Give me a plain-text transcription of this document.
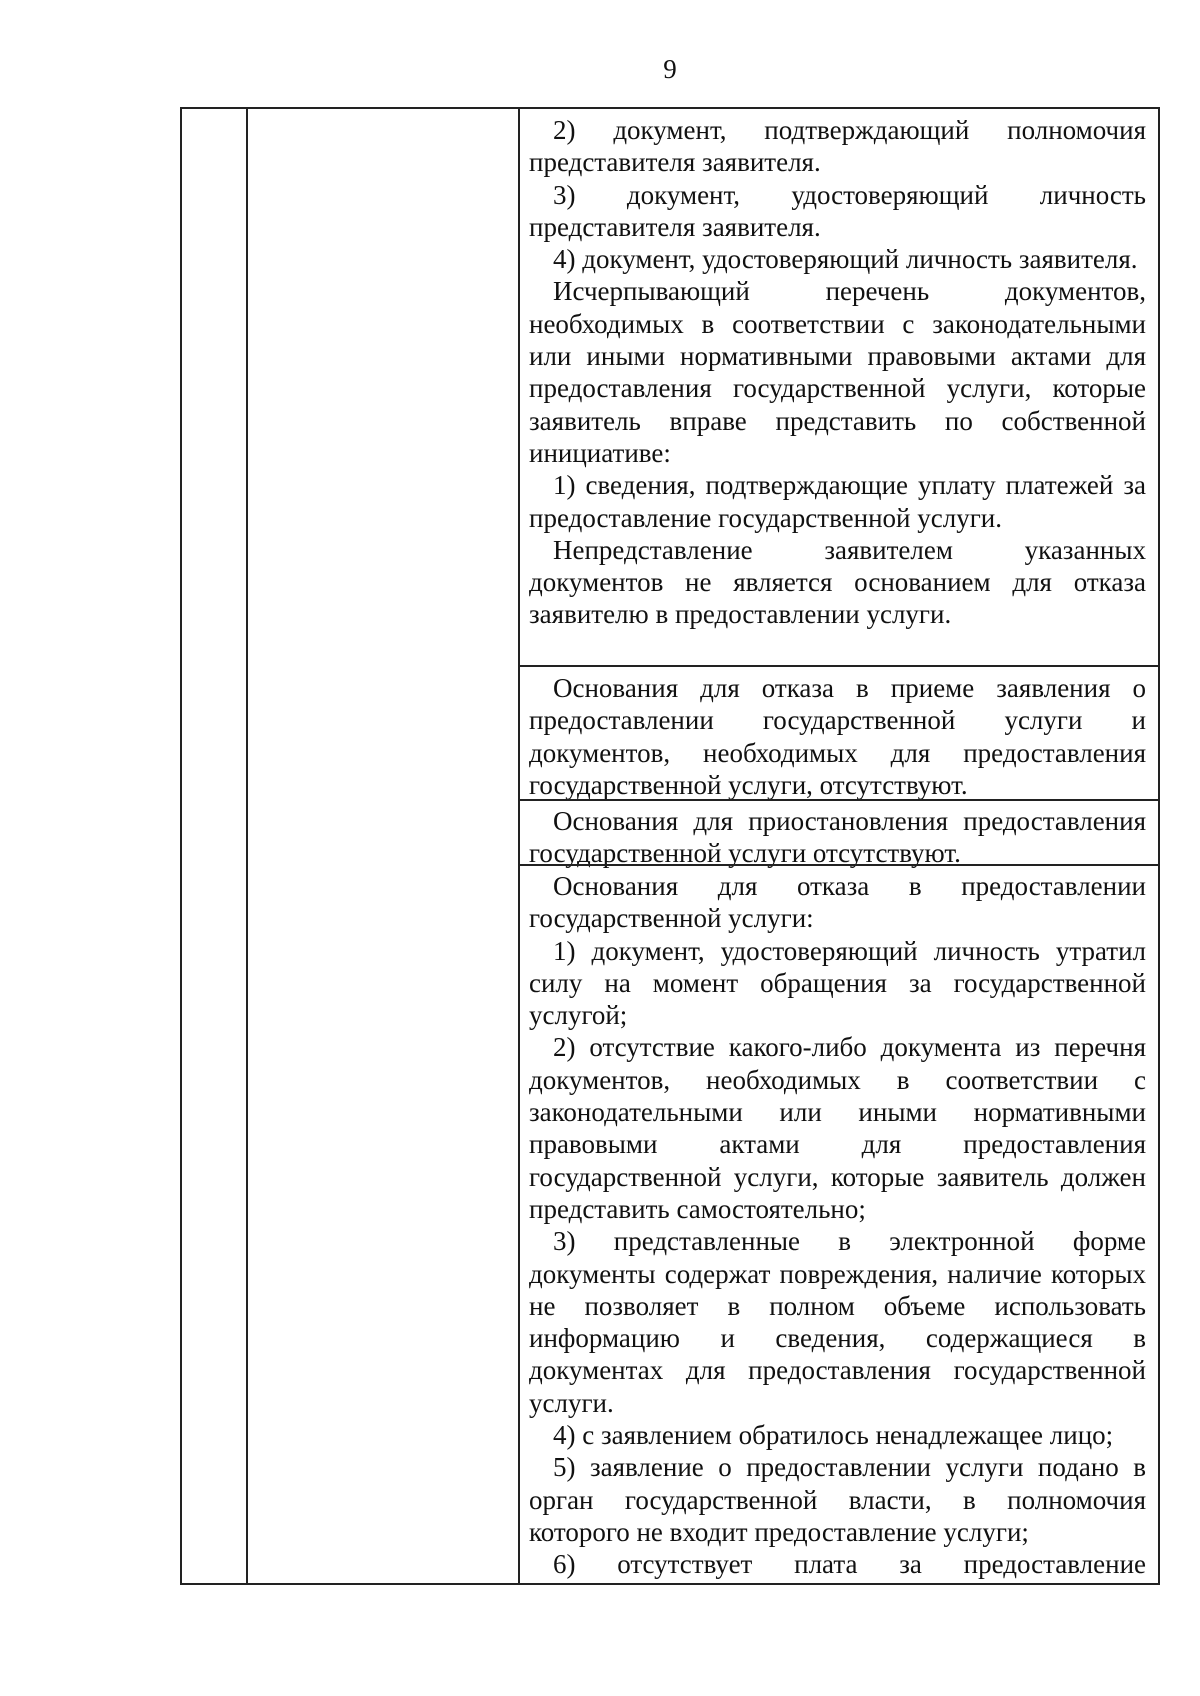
9

2) документ, подтверждающий полномочия представителя заявителя.

3) документ, удостоверяющий личность представителя заявителя.

4) документ, удостоверяющий личность заявителя.

Исчерпывающий перечень документов, необходимых в соответствии с законодательными или иными нормативными правовыми актами для предоставления государственной услуги, которые заявитель вправе представить по собственной инициативе:

1) сведения, подтверждающие уплату платежей за предоставление государственной услуги.

Непредставление заявителем указанных документов не является основанием для отказа заявителю в предоставлении услуги.

Основания для отказа в приеме заявления о предоставлении государственной услуги и документов, необходимых для предоставления государственной услуги, отсутствуют.

Основания для приостановления предоставления государственной услуги отсутствуют.

Основания для отказа в предоставлении государственной услуги:

1) документ, удостоверяющий личность утратил силу на момент обращения за государственной услугой;

2) отсутствие какого-либо документа из перечня документов, необходимых в соответствии с законодательными или иными нормативными правовыми актами для предоставления государственной услуги, которые заявитель должен представить самостоятельно;

3) представленные в электронной форме документы содержат повреждения, наличие которых не позволяет в полном объеме использовать информацию и сведения, содержащиеся в документах для предоставления государственной услуги.

4) с заявлением обратилось ненадлежащее лицо;

5) заявление о предоставлении услуги подано в орган государственной власти, в полномочия которого не входит предоставление услуги;

6) отсутствует плата за предоставление
